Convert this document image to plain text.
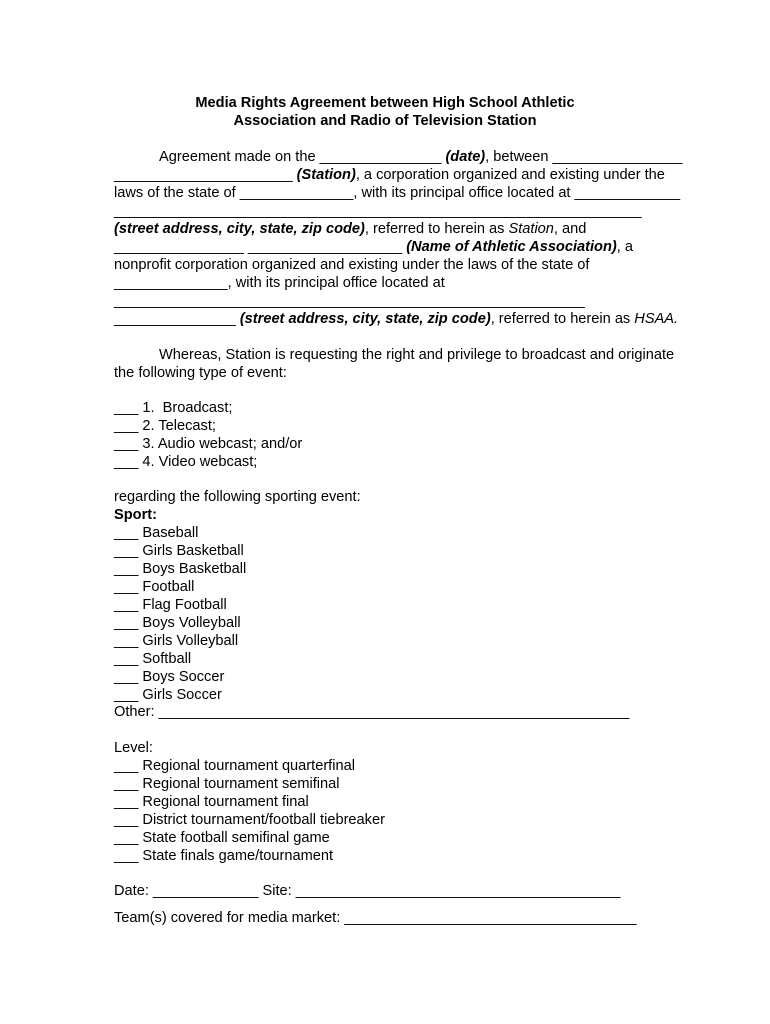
Media Rights Agreement between High School Athletic
Association and Radio of Television Station
Agreement made on the _______________ (date), between ________________
______________________ (Station), a corporation organized and existing under the
laws of the state of ______________, with its principal office located at _____________
_________________________________________________________________
(street address, city, state, zip code), referred to herein as Station, and
________________ ___________________ (Name of Athletic Association), a
nonprofit corporation organized and existing under the laws of the state of
______________, with its principal office located at
__________________________________________________________
_______________ (street address, city, state, zip code), referred to herein as HSAA.
Whereas, Station is requesting the right and privilege to broadcast and originate
the following type of event:
___ 1.  Broadcast;
___ 2. Telecast;
___ 3. Audio webcast; and/or
___ 4. Video webcast;
regarding the following sporting event:
Sport:
___ Baseball
___ Girls Basketball
___ Boys Basketball
___ Football
___ Flag Football
___ Boys Volleyball
___ Girls Volleyball
___ Softball
___ Boys Soccer
___ Girls Soccer
Other: __________________________________________________________
Level:
___ Regional tournament quarterfinal
___ Regional tournament semifinal
___ Regional tournament final
___ District tournament/football tiebreaker
___ State football semifinal game
___ State finals game/tournament
Date: _____________ Site: ________________________________________
Team(s) covered for media market: ____________________________________
